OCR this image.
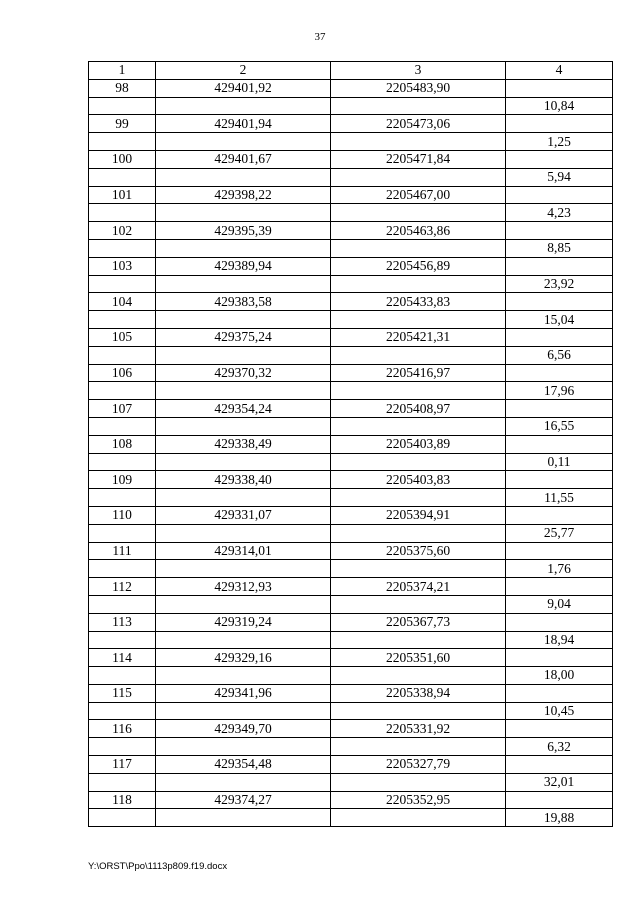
37
1	2	3	4
98	429401,92	2205483,90	
			10,84
99	429401,94	2205473,06	
			1,25
100	429401,67	2205471,84	
			5,94
101	429398,22	2205467,00	
			4,23
102	429395,39	2205463,86	
			8,85
103	429389,94	2205456,89	
			23,92
104	429383,58	2205433,83	
			15,04
105	429375,24	2205421,31	
			6,56
106	429370,32	2205416,97	
			17,96
107	429354,24	2205408,97	
			16,55
108	429338,49	2205403,89	
			0,11
109	429338,40	2205403,83	
			11,55
110	429331,07	2205394,91	
			25,77
111	429314,01	2205375,60	
			1,76
112	429312,93	2205374,21	
			9,04
113	429319,24	2205367,73	
			18,94
114	429329,16	2205351,60	
			18,00
115	429341,96	2205338,94	
			10,45
116	429349,70	2205331,92	
			6,32
117	429354,48	2205327,79	
			32,01
118	429374,27	2205352,95	
			19,88
Y:\ORST\Ppo\1113p809.f19.docx
